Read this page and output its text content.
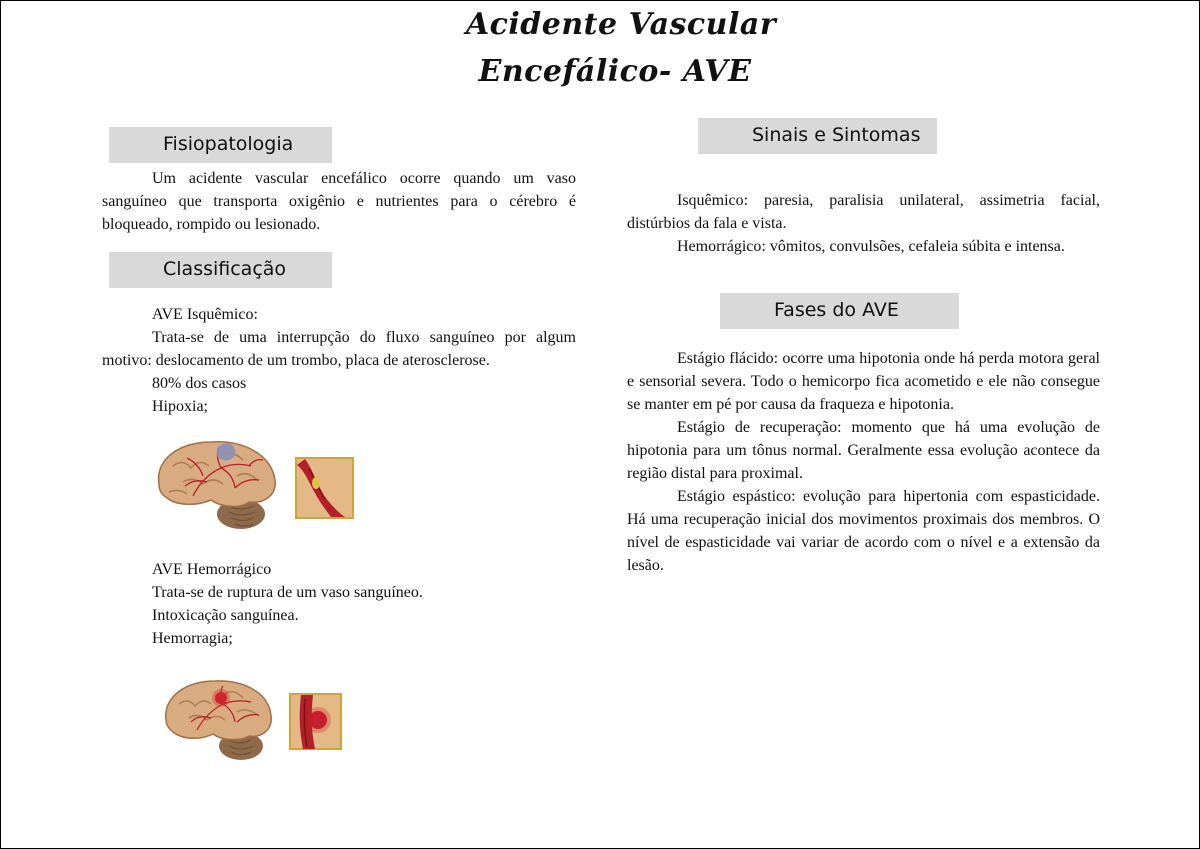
Acidente Vascular
Encefálico- AVE
Fisiopatologia

Um acidente vascular encefálico ocorre quando um vaso sanguíneo que transporta oxigênio e nutrientes para o cérebro é bloqueado, rompido ou lesionado.

Classificação

AVE Isquêmico:

Trata-se de uma interrupção do fluxo sanguíneo por algum motivo: deslocamento de um trombo, placa de aterosclerose.

80% dos casos

Hipoxia;

AVE Hemorrágico

Trata-se de ruptura de um vaso sanguíneo.

Intoxicação sanguínea.

Hemorragia;

Sinais e Sintomas

Isquêmico: paresia, paralisia unilateral, assimetria facial, distúrbios da fala e vista.

Hemorrágico: vômitos, convulsões, cefaleia súbita e intensa.

Fases do AVE

Estágio flácido: ocorre uma hipotonia onde há perda motora geral e sensorial severa. Todo o hemicorpo fica acometido e ele não consegue se manter em pé por causa da fraqueza e hipotonia.

Estágio de recuperação: momento que há uma evolução de hipotonia para um tônus normal. Geralmente essa evolução acontece da região distal para proximal.

Estágio espástico: evolução para hipertonia com espasticidade. Há uma recuperação inicial dos movimentos proximais dos membros. O nível de espasticidade vai variar de acordo com o nível e a extensão da lesão.
